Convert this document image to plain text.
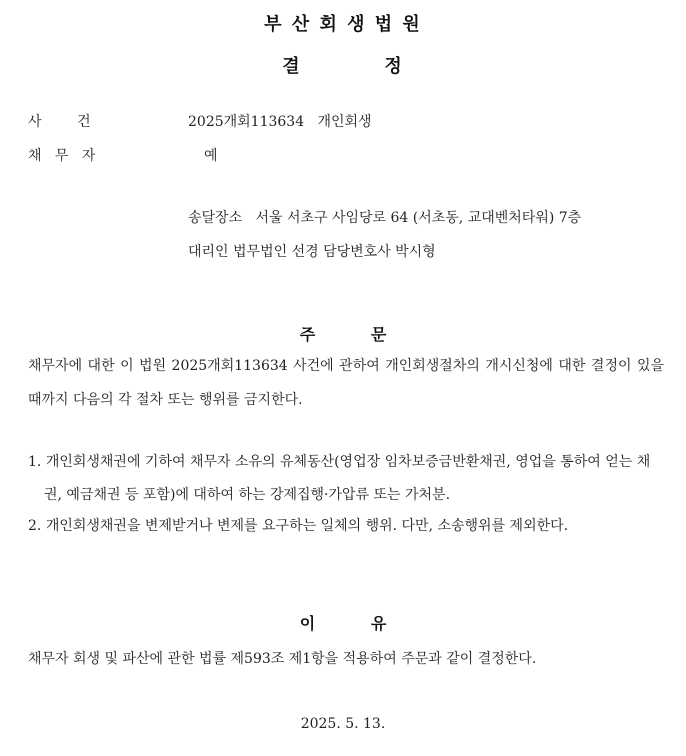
부 산 회 생 법 원
결          정
사        건	2025개회113634   개인회생
채   무   자	예
송달장소   서울 서초구 사임당로 64 (서초동, 교대벤처타워) 7층
대리인 법무법인 선경 담당변호사 박시형
주          문
채무자에 대한 이 법원 2025개회113634 사건에 관하여 개인회생절차의 개시신청에 대한 결정이 있을 때까지 다음의 각 절차 또는 행위를 금지한다.
1. 개인회생채권에 기하여 채무자 소유의 유체동산(영업장 임차보증금반환채권, 영업을 통하여 얻는 채권, 예금채권 등 포함)에 대하여 하는 강제집행·가압류 또는 가처분.
2. 개인회생채권을 변제받거나 변제를 요구하는 일체의 행위. 다만, 소송행위를 제외한다.
이          유
채무자 회생 및 파산에 관한 법률 제593조 제1항을 적용하여 주문과 같이 결정한다.
2025. 5. 13.
